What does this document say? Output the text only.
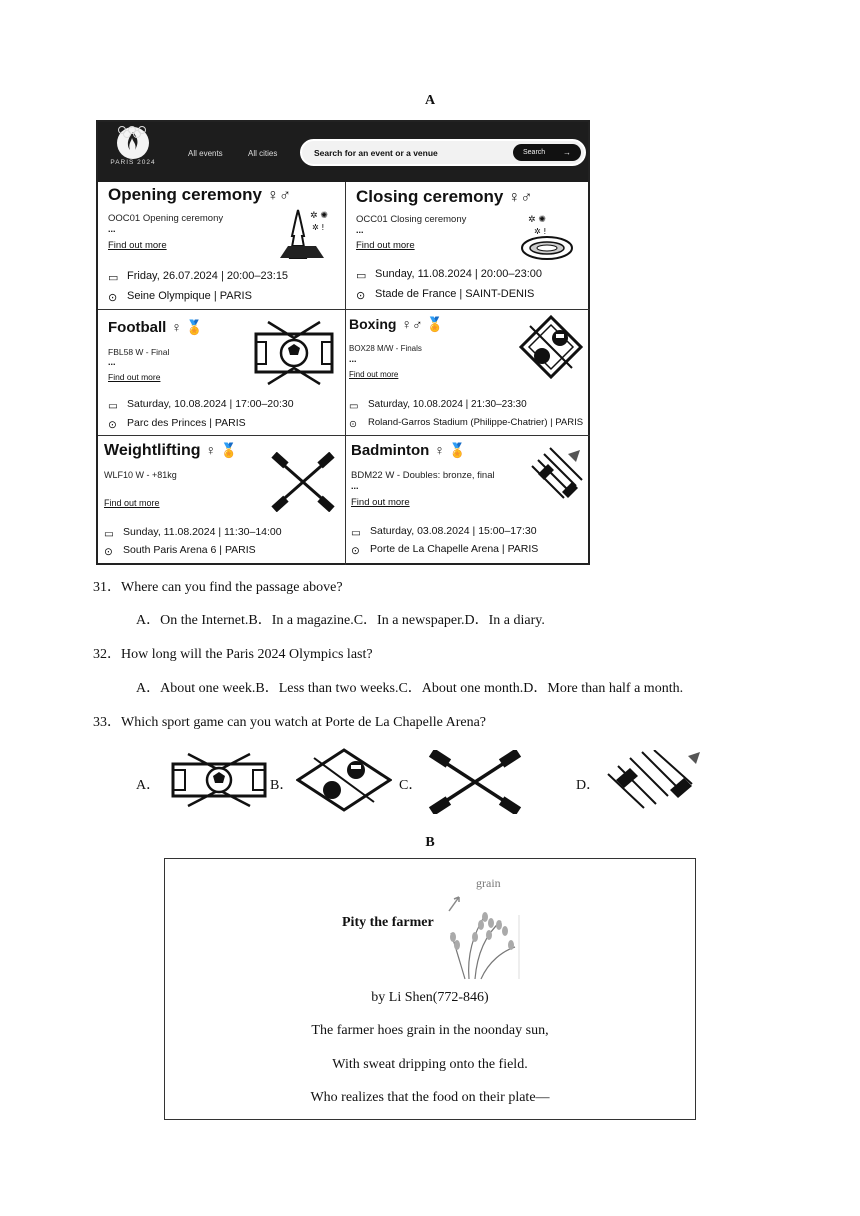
A
PARIS 2024
All events	All cities	Search for an event or a venue	Search →
Opening ceremony ♀♂
OOC01 Opening ceremony
...
Find out more
✲ ✺
✲ !
▭ Friday, 26.07.2024 | 20:00–23:15
⊙ Seine Olympique | PARIS
Closing ceremony ♀♂
OCC01 Closing ceremony
...
Find out more
✲ ✺
✲ !
▭ Sunday, 11.08.2024 | 20:00–23:00
⊙ Stade de France | SAINT-DENIS
Football ♀ 🏅
FBL58 W - Final
...
Find out more
▭ Saturday, 10.08.2024 | 17:00–20:30
⊙ Parc des Princes | PARIS
Boxing ♀♂ 🏅
BOX28 M/W - Finals
...
Find out more
▭ Saturday, 10.08.2024 | 21:30–23:30
⊙ Roland-Garros Stadium (Philippe-Chatrier) | PARIS
Weightlifting ♀ 🏅
WLF10 W - +81kg
Find out more
▭ Sunday, 11.08.2024 | 11:30–14:00
⊙ South Paris Arena 6 | PARIS
Badminton ♀ 🏅
BDM22 W - Doubles: bronze, final
...
Find out more
▭ Saturday, 03.08.2024 | 15:00–17:30
⊙ Porte de La Chapelle Arena | PARIS
31．Where can you find the passage above?
A．On the Internet.B．In a magazine.C．In a newspaper.D．In a diary.
32．How long will the Paris 2024 Olympics last?
A．About one week.B．Less than two weeks.C．About one month.D．More than half a month.
33．Which sport game can you watch at Porte de La Chapelle Arena?
A．	B．	C．	D．
B
Pity the farmer
grain
by Li Shen(772-846)
The farmer hoes grain in the noonday sun,
With sweat dripping onto the field.
Who realizes that the food on their plate—
